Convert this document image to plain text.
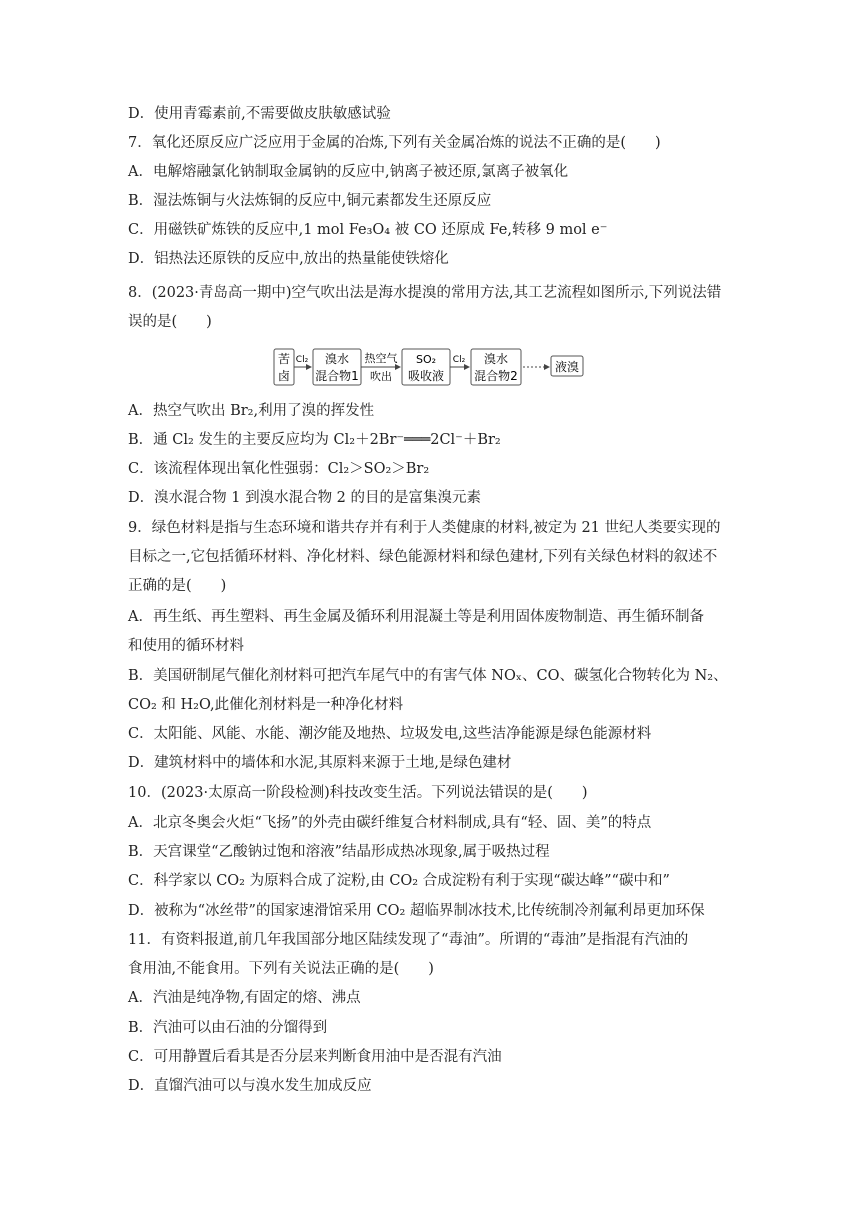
D．使用青霉素前,不需要做皮肤敏感试验
7．氧化还原反应广泛应用于金属的冶炼,下列有关金属冶炼的说法不正确的是(　　)
A．电解熔融氯化钠制取金属钠的反应中,钠离子被还原,氯离子被氧化
B．湿法炼铜与火法炼铜的反应中,铜元素都发生还原反应
C．用磁铁矿炼铁的反应中,1 mol Fe₃O₄ 被 CO 还原成 Fe,转移 9 mol e⁻
D．铝热法还原铁的反应中,放出的热量能使铁熔化
8．(2023·青岛高一期中)空气吹出法是海水提溴的常用方法,其工艺流程如图所示,下列说法错
误的是(　　)
苦
卤
Cl₂ 溴水
混合物1
热空气
吹出
SO₂
吸收液
Cl₂ 溴水
混合物2
液溴
A．热空气吹出 Br₂,利用了溴的挥发性
B．通 Cl₂ 发生的主要反应均为 Cl₂＋2Br⁻═══2Cl⁻＋Br₂
C．该流程体现出氧化性强弱：Cl₂＞SO₂＞Br₂
D．溴水混合物 1 到溴水混合物 2 的目的是富集溴元素
9．绿色材料是指与生态环境和谐共存并有利于人类健康的材料,被定为 21 世纪人类要实现的
目标之一,它包括循环材料、净化材料、绿色能源材料和绿色建材,下列有关绿色材料的叙述不
正确的是(　　)
A．再生纸、再生塑料、再生金属及循环利用混凝土等是利用固体废物制造、再生循环制备
和使用的循环材料
B．美国研制尾气催化剂材料可把汽车尾气中的有害气体 NOₓ、CO、碳氢化合物转化为 N₂、
CO₂ 和 H₂O,此催化剂材料是一种净化材料
C．太阳能、风能、水能、潮汐能及地热、垃圾发电,这些洁净能源是绿色能源材料
D．建筑材料中的墙体和水泥,其原料来源于土地,是绿色建材
10．(2023·太原高一阶段检测)科技改变生活。下列说法错误的是(　　)
A．北京冬奥会火炬“飞扬”的外壳由碳纤维复合材料制成,具有“轻、固、美”的特点
B．天宫课堂“乙酸钠过饱和溶液”结晶形成热冰现象,属于吸热过程
C．科学家以 CO₂ 为原料合成了淀粉,由 CO₂ 合成淀粉有利于实现“碳达峰”“碳中和”
D．被称为“冰丝带”的国家速滑馆采用 CO₂ 超临界制冰技术,比传统制冷剂氟利昂更加环保
11．有资料报道,前几年我国部分地区陆续发现了“毒油”。所谓的“毒油”是指混有汽油的
食用油,不能食用。下列有关说法正确的是(　　)
A．汽油是纯净物,有固定的熔、沸点
B．汽油可以由石油的分馏得到
C．可用静置后看其是否分层来判断食用油中是否混有汽油
D．直馏汽油可以与溴水发生加成反应
